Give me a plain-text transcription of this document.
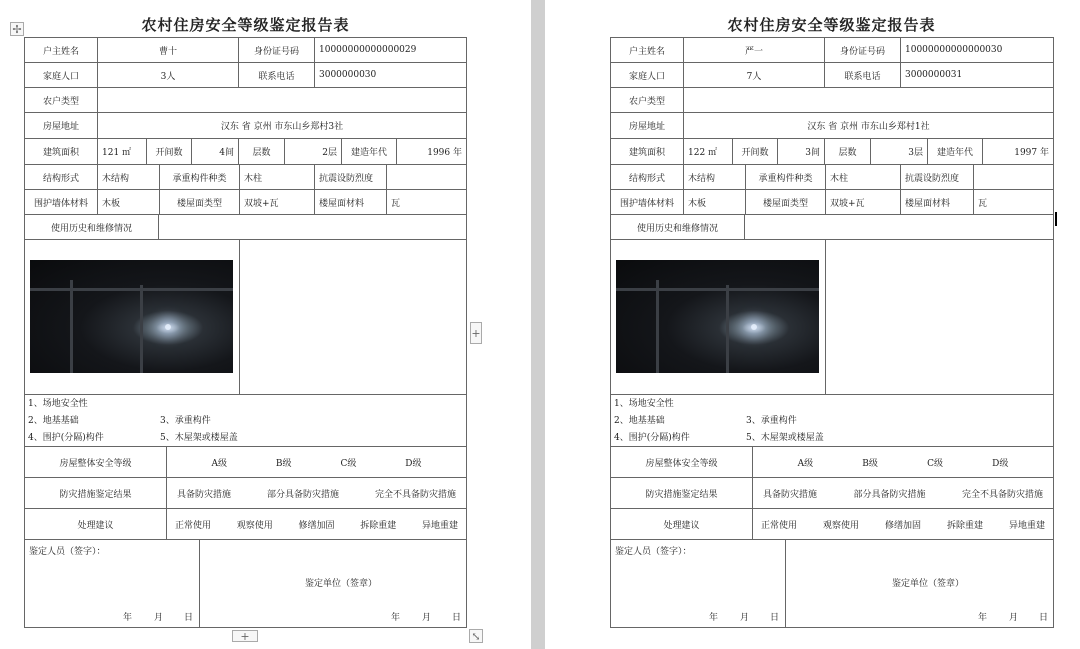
✢	农村住房安全等级鉴定报告表
户主姓名	曹十	身份证号码	10000000000000029
家庭人口	3人	联系电话	3000000030
农户类型
房屋地址	汉东 省 京州 市东山乡郑村3社
建筑面积	121 ㎡	开间数	4间	层数	2层	建造年代	1996 年
结构形式	木结构	承重构件种类	木柱	抗震设防烈度
围护墙体材料	木板	楼屋面类型	双坡+瓦	楼屋面材料	瓦
使用历史和维修情况
+
1、场地安全性
2、地基基础	3、承重构件
4、围护(分隔)构件	5、木屋架或楼屋盖
房屋整体安全等级	A级	B级	C级	D级
防灾措施鉴定结果	具备防灾措施	部分具备防灾措施	完全不具备防灾措施
处理建议	正常使用	观察使用	修缮加固	拆除重建	异地重建
鉴定人员（签字）：
鉴定单位（签章）
年 月 日	年 月 日
+	⤡
农村住房安全等级鉴定报告表
户主姓名	严一	身份证号码	10000000000000030
家庭人口	7人	联系电话	3000000031
农户类型
房屋地址	汉东 省 京州 市东山乡郑村1社
建筑面积	122 ㎡	开间数	3间	层数	3层	建造年代	1997 年
结构形式	木结构	承重构件种类	木柱	抗震设防烈度
围护墙体材料	木板	楼屋面类型	双坡+瓦	楼屋面材料	瓦
使用历史和维修情况
1、场地安全性
2、地基基础	3、承重构件
4、围护(分隔)构件	5、木屋架或楼屋盖
房屋整体安全等级	A级	B级	C级	D级
防灾措施鉴定结果	具备防灾措施	部分具备防灾措施	完全不具备防灾措施
处理建议	正常使用	观察使用	修缮加固	拆除重建	异地重建
鉴定人员（签字）：
鉴定单位（签章）
年 月 日	年 月 日
